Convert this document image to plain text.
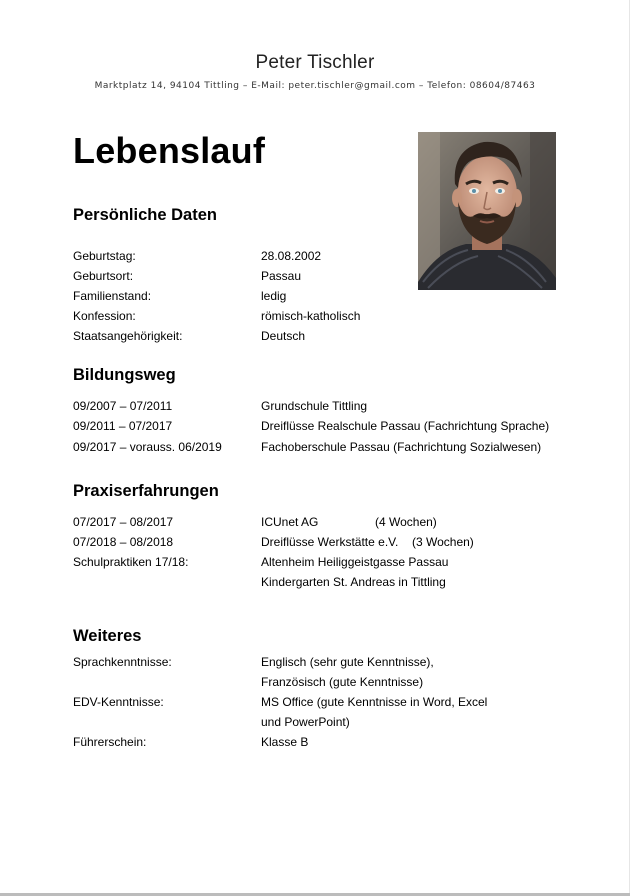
Peter Tischler
Marktplatz 14, 94104 Tittling – E-Mail: peter.tischler@gmail.com – Telefon: 08604/87463
Lebenslauf
Persönliche Daten
Geburtstag:	28.08.2002
Geburtsort:	Passau
Familienstand:	ledig
Konfession:	römisch-katholisch
Staatsangehörigkeit:	Deutsch
Bildungsweg
09/2007 – 07/2011	Grundschule Tittling
09/2011 – 07/2017	Dreiflüsse Realschule Passau (Fachrichtung Sprache)
09/2017 – vorauss. 06/2019	Fachoberschule Passau (Fachrichtung Sozialwesen)
Praxiserfahrungen
07/2017 – 08/2017	ICUnet AG	(4 Wochen)
07/2018 – 08/2018	Dreiflüsse Werkstätte e.V. (3 Wochen)
Schulpraktiken 17/18:	Altenheim Heiliggeistgasse Passau
Kindergarten St. Andreas in Tittling
Weiteres
Sprachkenntnisse:	Englisch (sehr gute Kenntnisse),
Französisch (gute Kenntnisse)
EDV-Kenntnisse:	MS Office (gute Kenntnisse in Word, Excel
und PowerPoint)
Führerschein:	Klasse B
